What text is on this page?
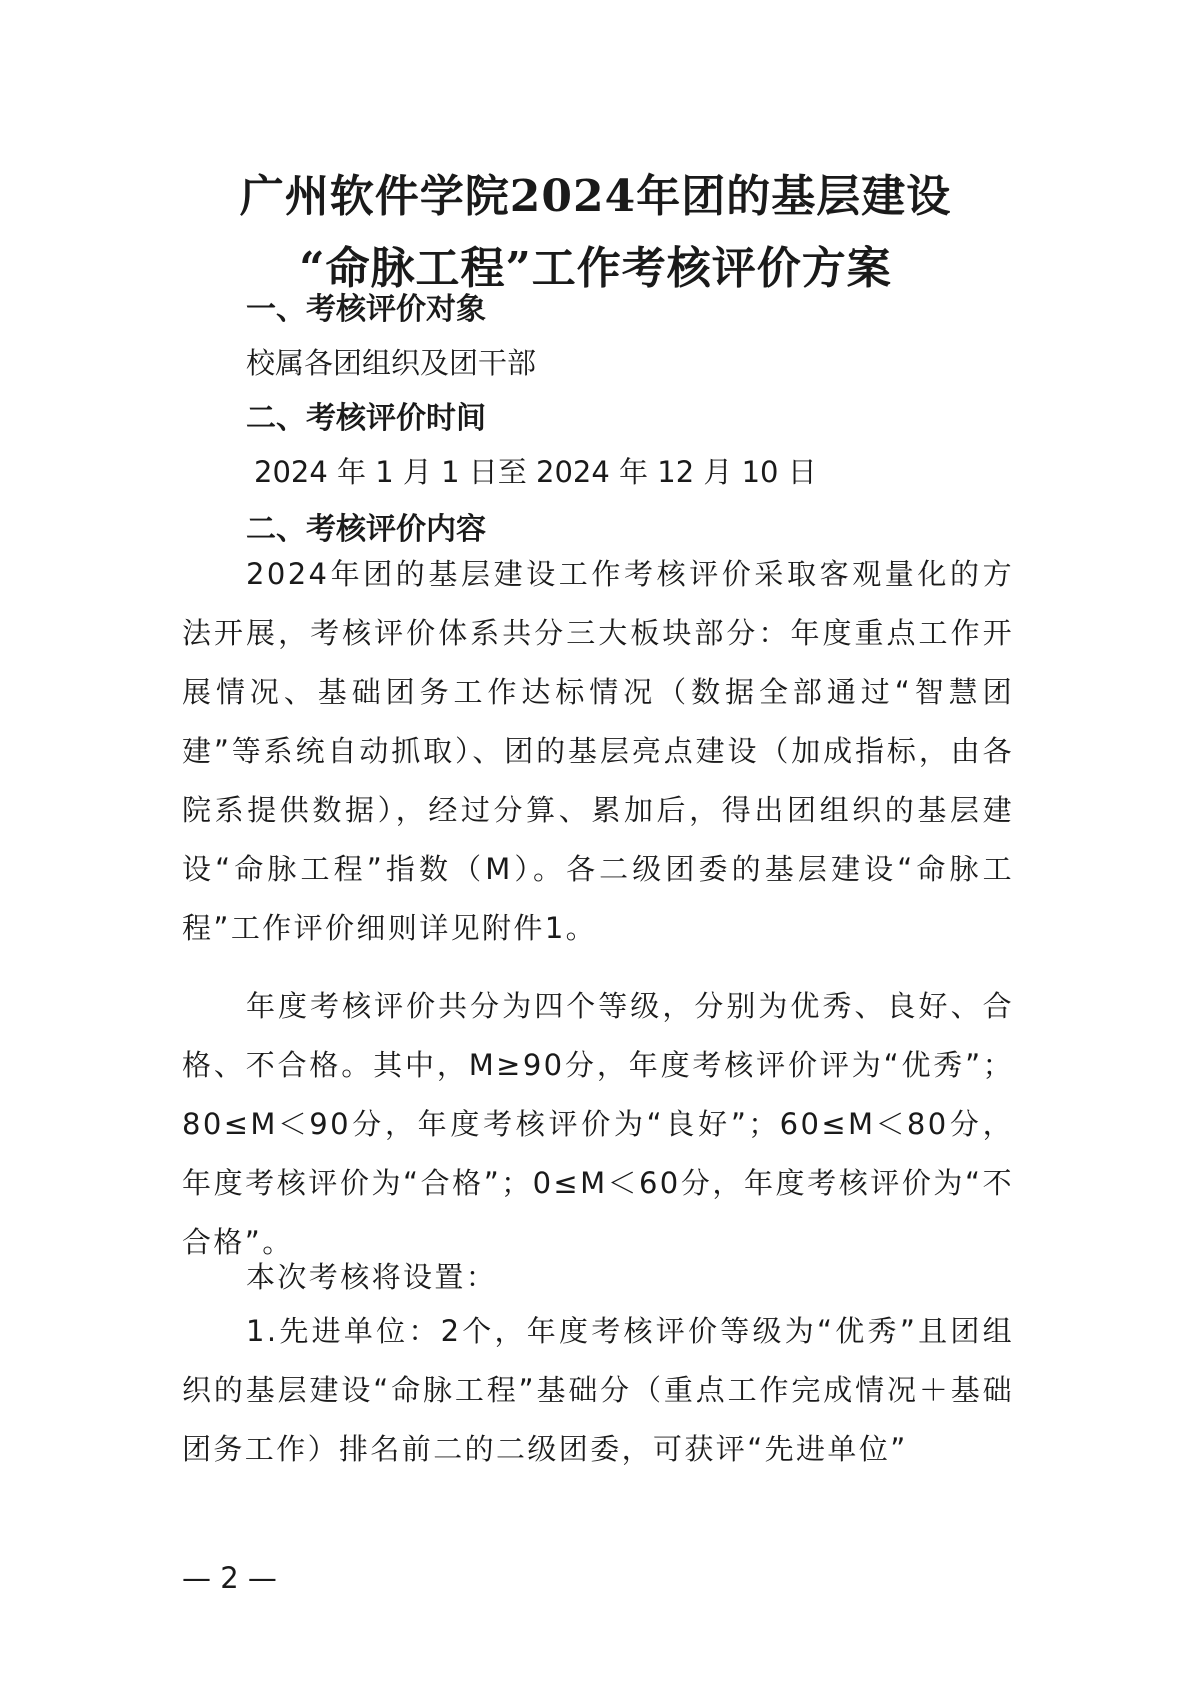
广州软件学院2024年团的基层建设
“命脉工程”工作考核评价方案
一、考核评价对象
校属各团组织及团干部
二、考核评价时间
2024 年 1 月 1 日至 2024 年 12 月 10 日
二、考核评价内容
2024年团的基层建设工作考核评价采取客观量化的方法开展，考核评价体系共分三大板块部分：年度重点工作开展情况、基础团务工作达标情况（数据全部通过“智慧团建”等系统自动抓取）、团的基层亮点建设（加成指标，由各院系提供数据），经过分算、累加后，得出团组织的基层建设“命脉工程”指数（M）。各二级团委的基层建设“命脉工程”工作评价细则详见附件1。
年度考核评价共分为四个等级，分别为优秀、良好、合格、不合格。其中，M≥90分，年度考核评价评为“优秀”；80≤M＜90分，年度考核评价为“良好”；60≤M＜80分，年度考核评价为“合格”；0≤M＜60分，年度考核评价为“不合格”。
本次考核将设置：
1.先进单位：2个，年度考核评价等级为“优秀”且团组织的基层建设“命脉工程”基础分（重点工作完成情况＋基础团务工作）排名前二的二级团委，可获评“先进单位”
— 2 —
